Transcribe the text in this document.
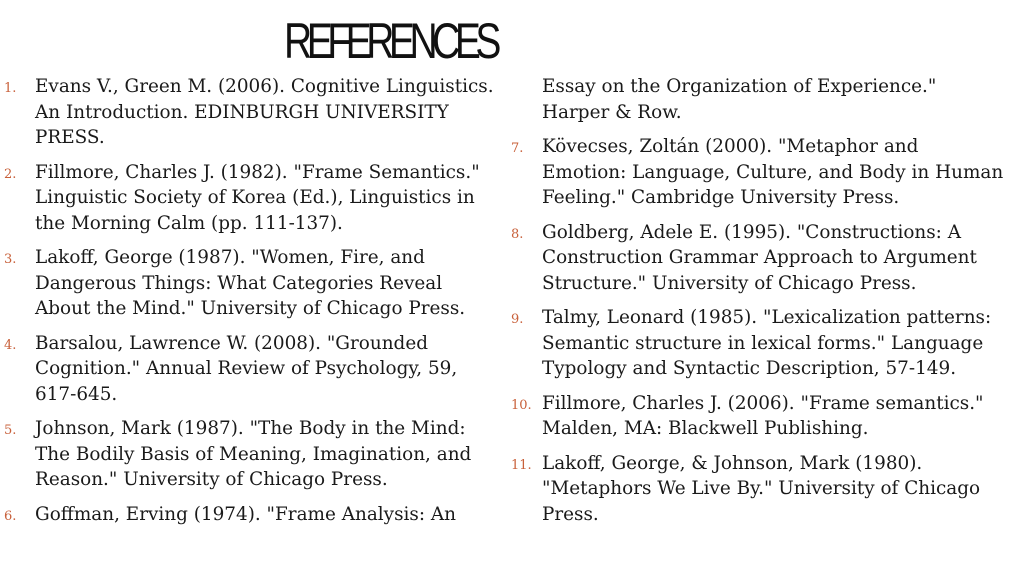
REFERENCES
1.	Evans V., Green M. (2006). Cognitive Linguistics.
An Introduction. EDINBURGH UNIVERSITY
PRESS.
2.	Fillmore, Charles J. (1982). "Frame Semantics."
Linguistic Society of Korea (Ed.), Linguistics in
the Morning Calm (pp. 111-137).
3.	Lakoff, George (1987). "Women, Fire, and
Dangerous Things: What Categories Reveal
About the Mind." University of Chicago Press.
4.	Barsalou, Lawrence W. (2008). "Grounded
Cognition." Annual Review of Psychology, 59,
617-645.
5.	Johnson, Mark (1987). "The Body in the Mind:
The Bodily Basis of Meaning, Imagination, and
Reason." University of Chicago Press.
6.	Goffman, Erving (1974). "Frame Analysis: An
Essay on the Organization of Experience."
Harper & Row.
7.	Kövecses, Zoltán (2000). "Metaphor and
Emotion: Language, Culture, and Body in Human
Feeling." Cambridge University Press.
8.	Goldberg, Adele E. (1995). "Constructions: A
Construction Grammar Approach to Argument
Structure." University of Chicago Press.
9.	Talmy, Leonard (1985). "Lexicalization patterns:
Semantic structure in lexical forms." Language
Typology and Syntactic Description, 57-149.
10. Fillmore, Charles J. (2006). "Frame semantics."
Malden, MA: Blackwell Publishing.
11. Lakoff, George, & Johnson, Mark (1980).
"Metaphors We Live By." University of Chicago
Press.
